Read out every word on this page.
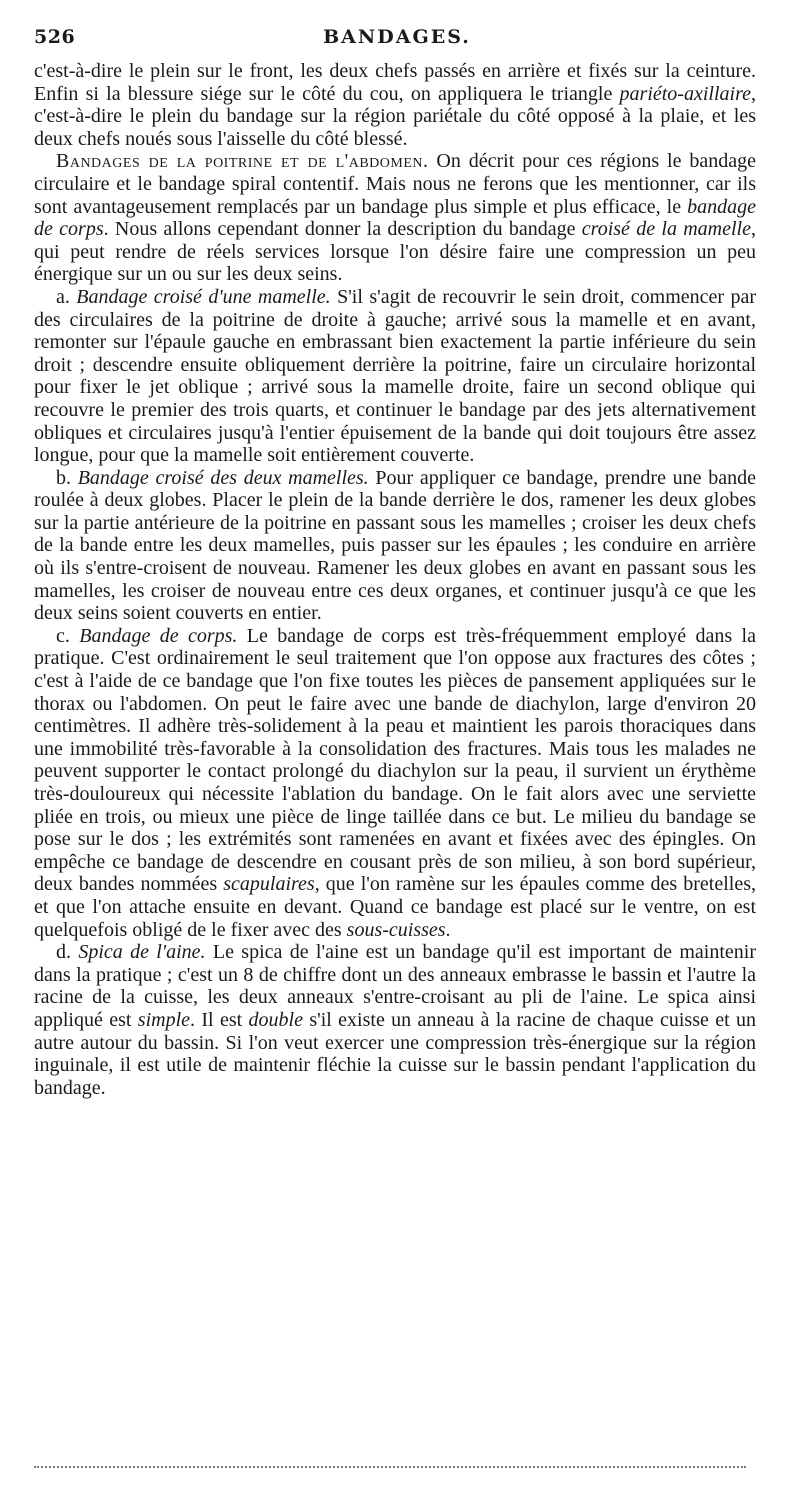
526	BANDAGES.

c'est-à-dire le plein sur le front, les deux chefs passés en arrière et fixés sur la ceinture. Enfin si la blessure siége sur le côté du cou, on appliquera le triangle pariéto-axillaire, c'est-à-dire le plein du bandage sur la région pariétale du côté opposé à la plaie, et les deux chefs noués sous l'aisselle du côté blessé.

Bandages de la poitrine et de l'abdomen. On décrit pour ces régions le bandage circulaire et le bandage spiral contentif. Mais nous ne ferons que les mentionner, car ils sont avantageusement remplacés par un bandage plus simple et plus efficace, le bandage de corps. Nous allons cependant donner la description du bandage croisé de la mamelle, qui peut rendre de réels services lorsque l'on désire faire une compression un peu énergique sur un ou sur les deux seins.

a. Bandage croisé d'une mamelle. S'il s'agit de recouvrir le sein droit, commencer par des circulaires de la poitrine de droite à gauche; arrivé sous la mamelle et en avant, remonter sur l'épaule gauche en embrassant bien exactement la partie inférieure du sein droit ; descendre ensuite obliquement derrière la poitrine, faire un circulaire horizontal pour fixer le jet oblique ; arrivé sous la mamelle droite, faire un second oblique qui recouvre le premier des trois quarts, et continuer le bandage par des jets alternativement obliques et circulaires jusqu'à l'entier épuisement de la bande qui doit toujours être assez longue, pour que la mamelle soit entièrement couverte.

b. Bandage croisé des deux mamelles. Pour appliquer ce bandage, prendre une bande roulée à deux globes. Placer le plein de la bande derrière le dos, ramener les deux globes sur la partie antérieure de la poitrine en passant sous les mamelles ; croiser les deux chefs de la bande entre les deux mamelles, puis passer sur les épaules ; les conduire en arrière où ils s'entre-croisent de nouveau. Ramener les deux globes en avant en passant sous les mamelles, les croiser de nouveau entre ces deux organes, et continuer jusqu'à ce que les deux seins soient couverts en entier.

c. Bandage de corps. Le bandage de corps est très-fréquemment employé dans la pratique. C'est ordinairement le seul traitement que l'on oppose aux fractures des côtes ; c'est à l'aide de ce bandage que l'on fixe toutes les pièces de pansement appliquées sur le thorax ou l'abdomen. On peut le faire avec une bande de diachylon, large d'environ 20 centimètres. Il adhère très-solidement à la peau et maintient les parois thoraciques dans une immobilité très-favorable à la consolidation des fractures. Mais tous les malades ne peuvent supporter le contact prolongé du diachylon sur la peau, il survient un érythème très-douloureux qui nécessite l'ablation du bandage. On le fait alors avec une serviette pliée en trois, ou mieux une pièce de linge taillée dans ce but. Le milieu du bandage se pose sur le dos ; les extrémités sont ramenées en avant et fixées avec des épingles. On empêche ce bandage de descendre en cousant près de son milieu, à son bord supérieur, deux bandes nommées scapulaires, que l'on ramène sur les épaules comme des bretelles, et que l'on attache ensuite en devant. Quand ce bandage est placé sur le ventre, on est quelquefois obligé de le fixer avec des sous-cuisses.

d. Spica de l'aine. Le spica de l'aine est un bandage qu'il est important de maintenir dans la pratique ; c'est un 8 de chiffre dont un des anneaux embrasse le bassin et l'autre la racine de la cuisse, les deux anneaux s'entre-croisant au pli de l'aine. Le spica ainsi appliqué est simple. Il est double s'il existe un anneau à la racine de chaque cuisse et un autre autour du bassin. Si l'on veut exercer une compression très-énergique sur la région inguinale, il est utile de maintenir fléchie la cuisse sur le bassin pendant l'application du bandage.
